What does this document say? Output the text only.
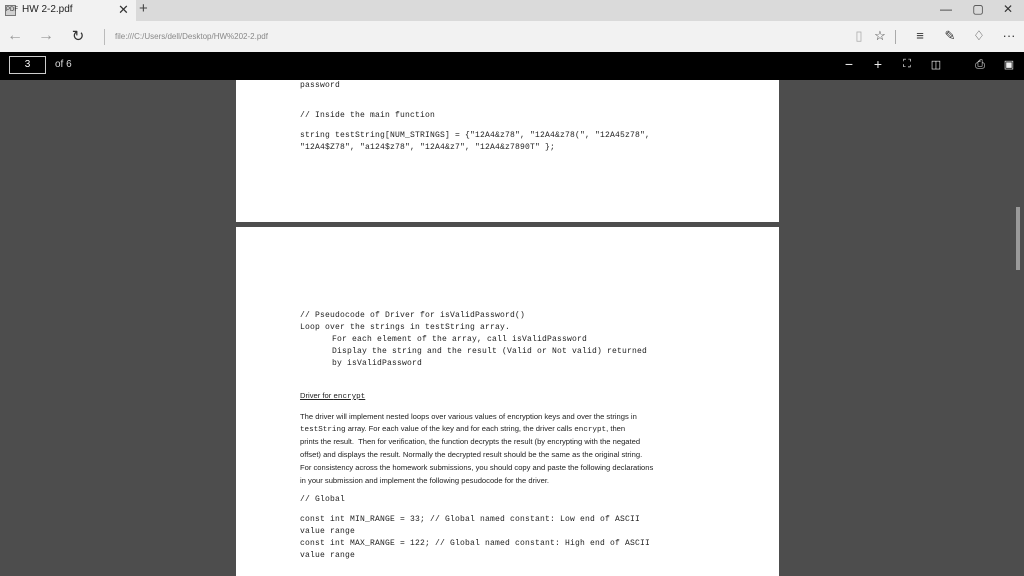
password
// Inside the main function
string testString[NUM_STRINGS] = {"12A4&z78", "12A4&z78(", "12A45z78",
"12A4$Z78", "a124$z78", "12A4&z7", "12A4&z7890T" };
// Pseudocode of Driver for isValidPassword()
Loop over the strings in testString array.
For each element of the array, call isValidPassword
Display the string and the result (Valid or Not valid) returned
by isValidPassword
Driver for encrypt
The driver will implement nested loops over various values of encryption keys and over the strings in
testString array. For each value of the key and for each string, the driver calls encrypt, then
prints the result.  Then for verification, the function decrypts the result (by encrypting with the negated
offset) and displays the result. Normally the decrypted result should be the same as the original string.
For consistency across the homework submissions, you should copy and paste the following declarations
in your submission and implement the following pesudocode for the driver.
// Global
const int MIN_RANGE = 33; // Global named constant: Low end of ASCII
value range
const int MAX_RANGE = 122; // Global named constant: High end of ASCII
value range
PDF HW 2-2.pdf	✕ +	—	▢	✕
← → ↻	file:///C:/Users/dell/Desktop/HW%202-2.pdf	▯ ☆	≡	✎ ♢ ···
3	of 6	−	+	⛶	◫	⎙	▣
